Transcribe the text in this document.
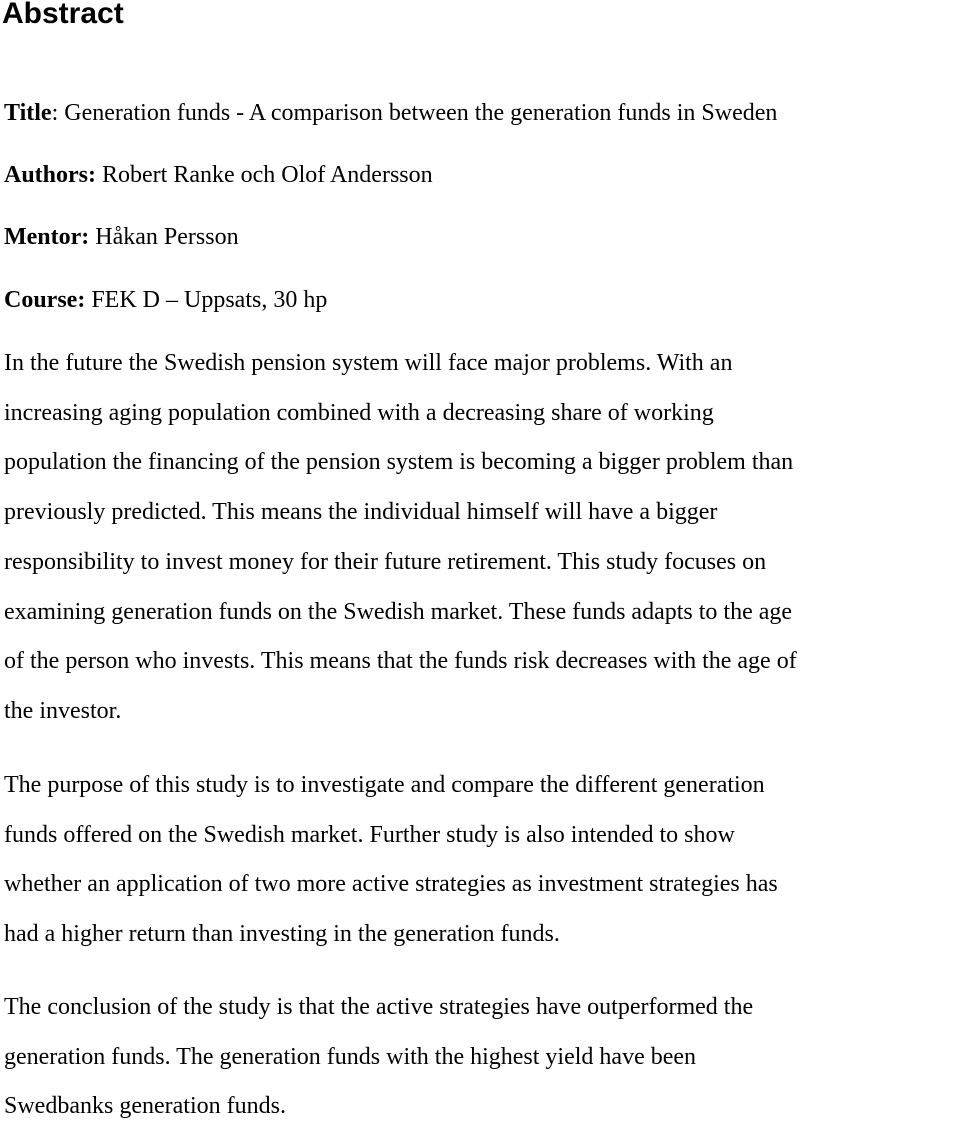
Abstract

Title: Generation funds - A comparison between the generation funds in Sweden

Authors: Robert Ranke och Olof Andersson

Mentor: Håkan Persson

Course: FEK D – Uppsats, 30 hp

In the future the Swedish pension system will face major problems. With an
increasing aging population combined with a decreasing share of working
population the financing of the pension system is becoming a bigger problem than
previously predicted. This means the individual himself will have a bigger
responsibility to invest money for their future retirement. This study focuses on
examining generation funds on the Swedish market. These funds adapts to the age
of the person who invests. This means that the funds risk decreases with the age of
the investor.

The purpose of this study is to investigate and compare the different generation
funds offered on the Swedish market. Further study is also intended to show
whether an application of two more active strategies as investment strategies has
had a higher return than investing in the generation funds.

The conclusion of the study is that the active strategies have outperformed the
generation funds. The generation funds with the highest yield have been
Swedbanks generation funds.
